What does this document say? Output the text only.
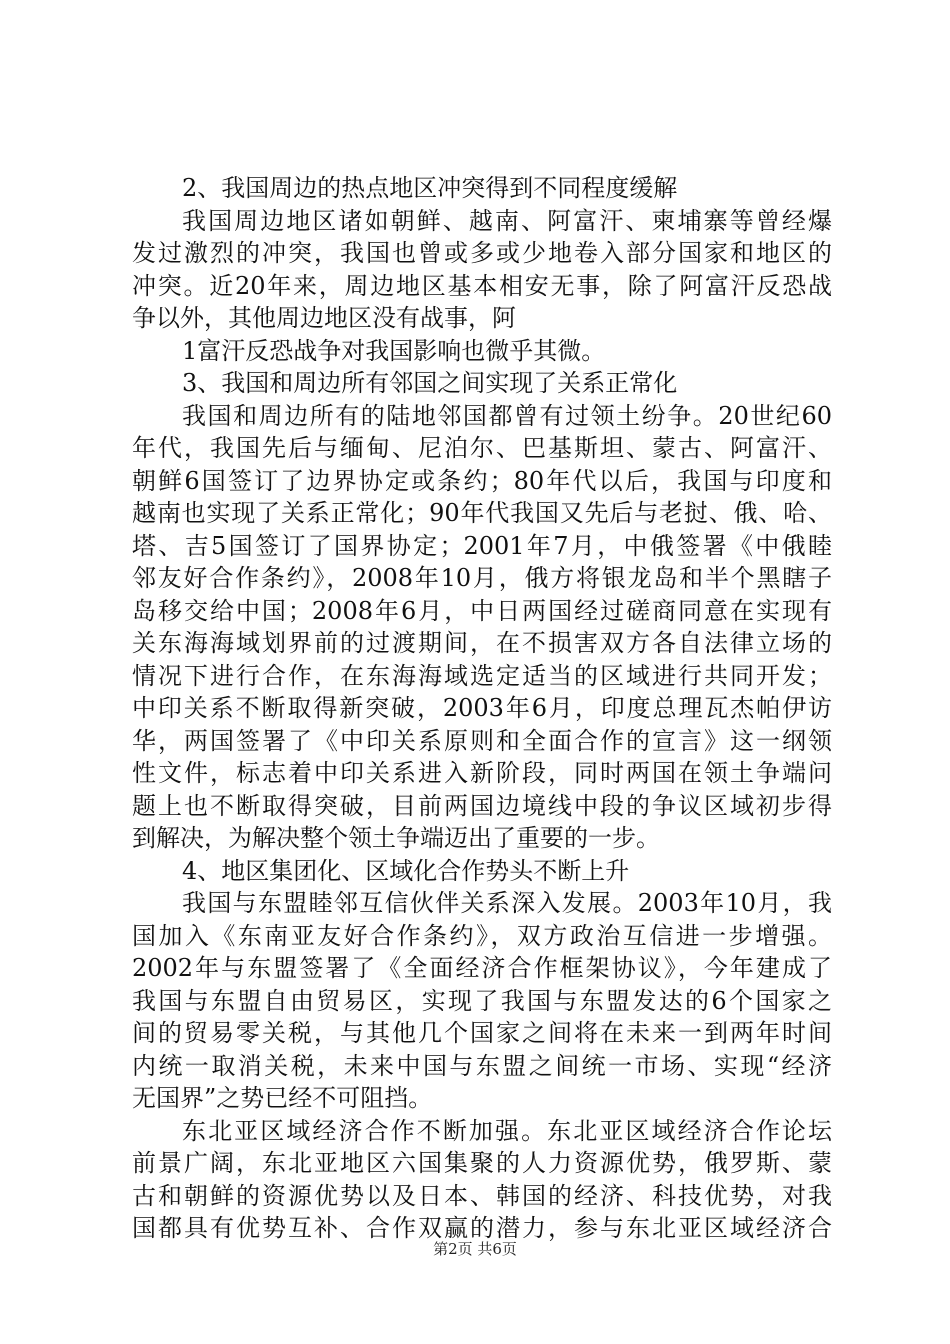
2、我国周边的热点地区冲突得到不同程度缓解
我国周边地区诸如朝鲜、越南、阿富汗、柬埔寨等曾经爆
发过激烈的冲突，我国也曾或多或少地卷入部分国家和地区的
冲突。近20年来，周边地区基本相安无事，除了阿富汗反恐战
争以外，其他周边地区没有战事，阿
1富汗反恐战争对我国影响也微乎其微。
3、我国和周边所有邻国之间实现了关系正常化
我国和周边所有的陆地邻国都曾有过领土纷争。20世纪60
年代，我国先后与缅甸、尼泊尔、巴基斯坦、蒙古、阿富汗、
朝鲜6国签订了边界协定或条约；80年代以后，我国与印度和
越南也实现了关系正常化；90年代我国又先后与老挝、俄、哈、
塔、吉5国签订了国界协定；2001年7月，中俄签署《中俄睦
邻友好合作条约》，2008年10月，俄方将银龙岛和半个黑瞎子
岛移交给中国；2008年6月，中日两国经过磋商同意在实现有
关东海海域划界前的过渡期间，在不损害双方各自法律立场的
情况下进行合作，在东海海域选定适当的区域进行共同开发；
中印关系不断取得新突破，2003年6月，印度总理瓦杰帕伊访
华，两国签署了《中印关系原则和全面合作的宣言》这一纲领
性文件，标志着中印关系进入新阶段，同时两国在领土争端问
题上也不断取得突破，目前两国边境线中段的争议区域初步得
到解决，为解决整个领土争端迈出了重要的一步。
4、地区集团化、区域化合作势头不断上升
我国与东盟睦邻互信伙伴关系深入发展。2003年10月，我
国加入《东南亚友好合作条约》，双方政治互信进一步增强。
2002年与东盟签署了《全面经济合作框架协议》，今年建成了
我国与东盟自由贸易区，实现了我国与东盟发达的6个国家之
间的贸易零关税，与其他几个国家之间将在未来一到两年时间
内统一取消关税，未来中国与东盟之间统一市场、实现“经济
无国界”之势已经不可阻挡。
东北亚区域经济合作不断加强。东北亚区域经济合作论坛
前景广阔，东北亚地区六国集聚的人力资源优势，俄罗斯、蒙
古和朝鲜的资源优势以及日本、韩国的经济、科技优势，对我
国都具有优势互补、合作双赢的潜力，参与东北亚区域经济合
第2页 共6页
